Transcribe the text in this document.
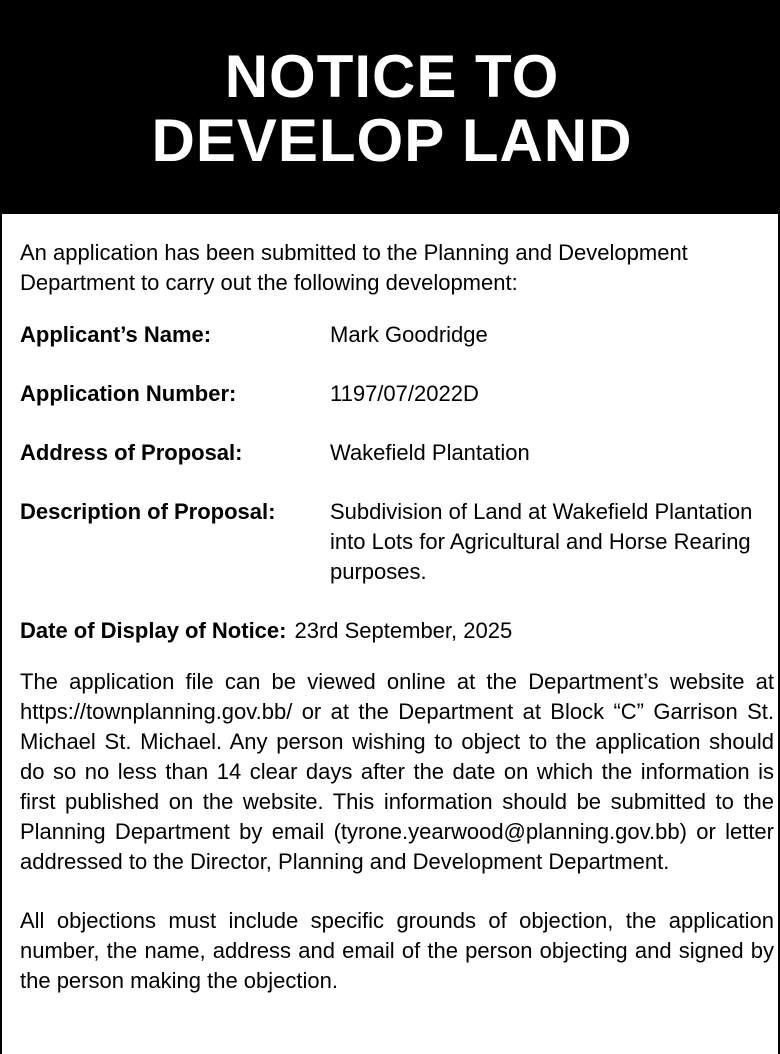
NOTICE TO
DEVELOP LAND

An application has been submitted to the Planning and Development Department to carry out the following development:

Applicant’s Name:	Mark Goodridge
Application Number:	1197/07/2022D
Address of Proposal:	Wakefield Plantation
Description of Proposal:	Subdivision of Land at Wakefield Plantation into Lots for Agricultural and Horse Rearing purposes.
Date of Display of Notice: 23rd September, 2025

The application file can be viewed online at the Department’s website at https://townplanning.gov.bb/ or at the Department at Block “C” Garrison St. Michael St. Michael. Any person wishing to object to the application should do so no less than 14 clear days after the date on which the information is first published on the website. This information should be submitted to the Planning Department by email (tyrone.yearwood@planning.gov.bb) or letter addressed to the Director, Planning and Development Department.

All objections must include specific grounds of objection, the application number, the name, address and email of the person objecting and signed by the person making the objection.
